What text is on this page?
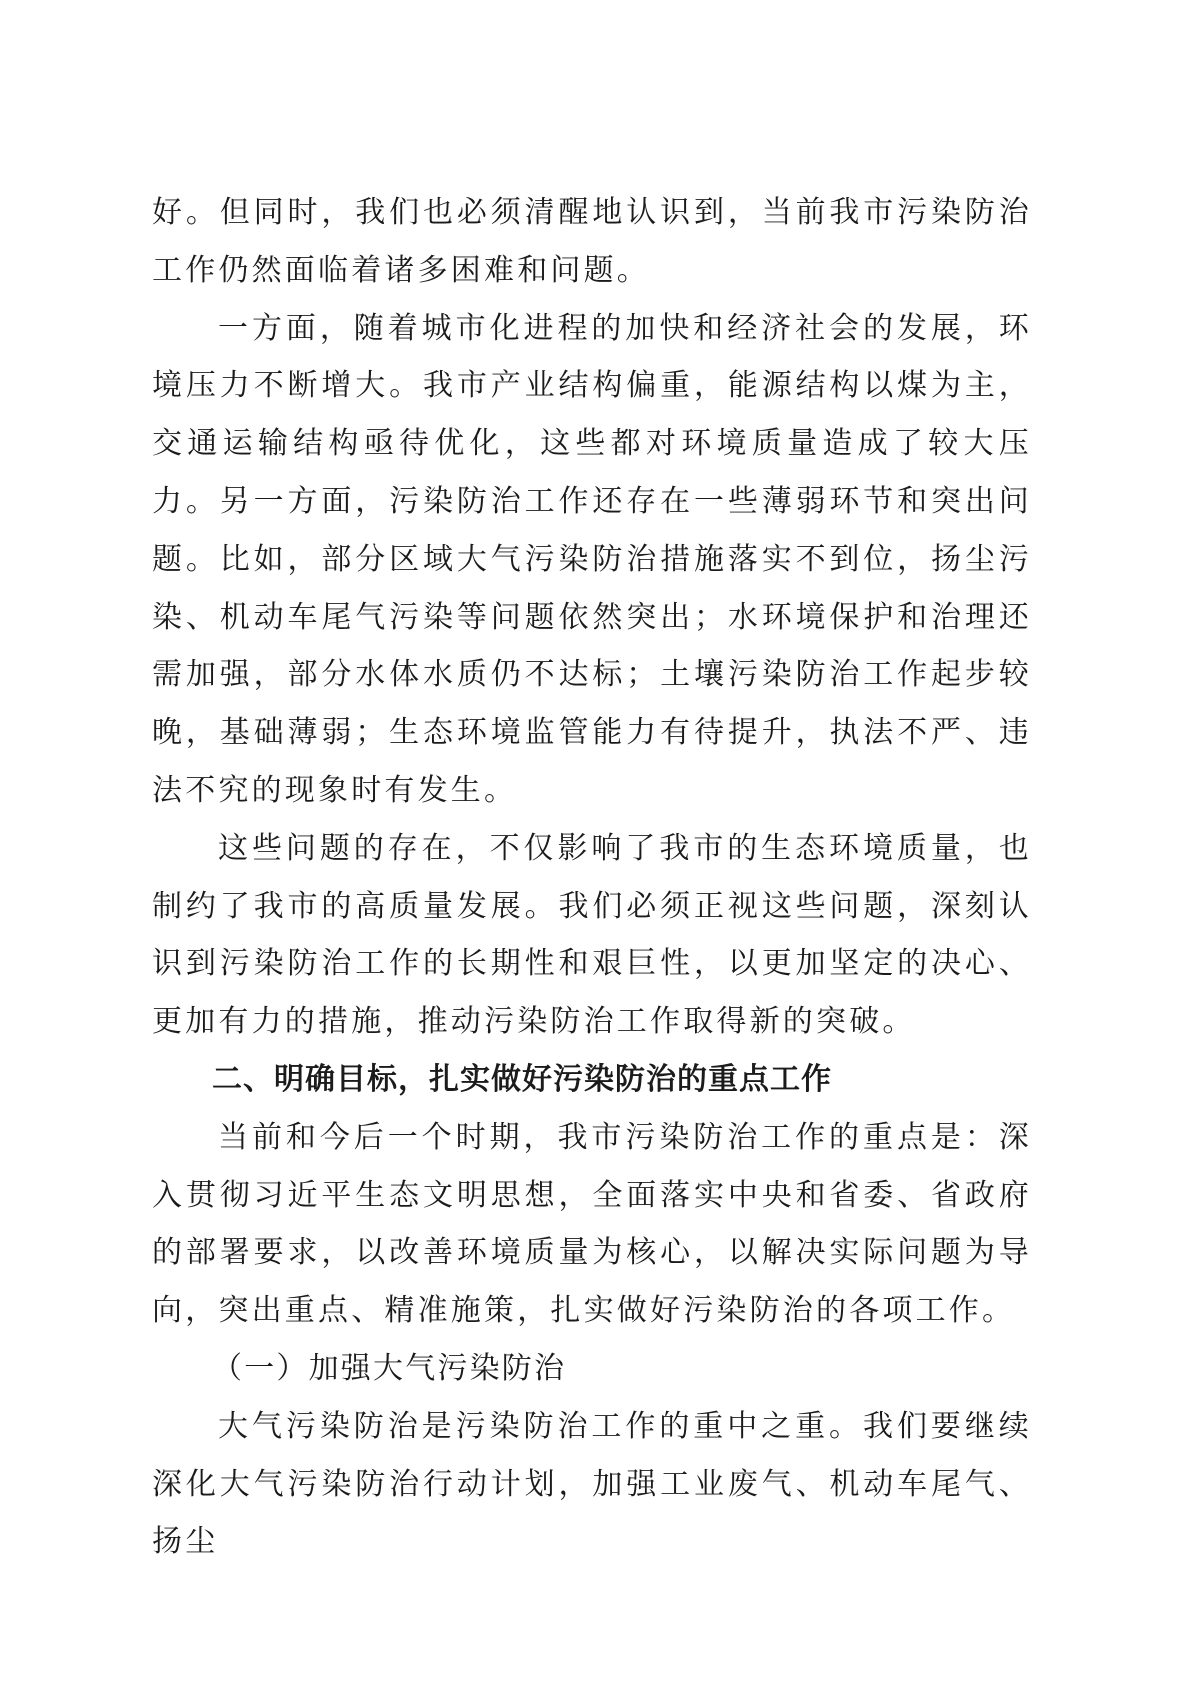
好。但同时，我们也必须清醒地认识到，当前我市污染防治工作仍然面临着诸多困难和问题。

一方面，随着城市化进程的加快和经济社会的发展，环境压力不断增大。我市产业结构偏重，能源结构以煤为主，交通运输结构亟待优化，这些都对环境质量造成了较大压力。另一方面，污染防治工作还存在一些薄弱环节和突出问题。比如，部分区域大气污染防治措施落实不到位，扬尘污染、机动车尾气污染等问题依然突出；水环境保护和治理还需加强，部分水体水质仍不达标；土壤污染防治工作起步较晚，基础薄弱；生态环境监管能力有待提升，执法不严、违法不究的现象时有发生。

这些问题的存在，不仅影响了我市的生态环境质量，也制约了我市的高质量发展。我们必须正视这些问题，深刻认识到污染防治工作的长期性和艰巨性，以更加坚定的决心、更加有力的措施，推动污染防治工作取得新的突破。

二、明确目标，扎实做好污染防治的重点工作

当前和今后一个时期，我市污染防治工作的重点是：深入贯彻习近平生态文明思想，全面落实中央和省委、省政府的部署要求，以改善环境质量为核心，以解决实际问题为导向，突出重点、精准施策，扎实做好污染防治的各项工作。

（一）加强大气污染防治

大气污染防治是污染防治工作的重中之重。我们要继续深化大气污染防治行动计划，加强工业废气、机动车尾气、扬尘
